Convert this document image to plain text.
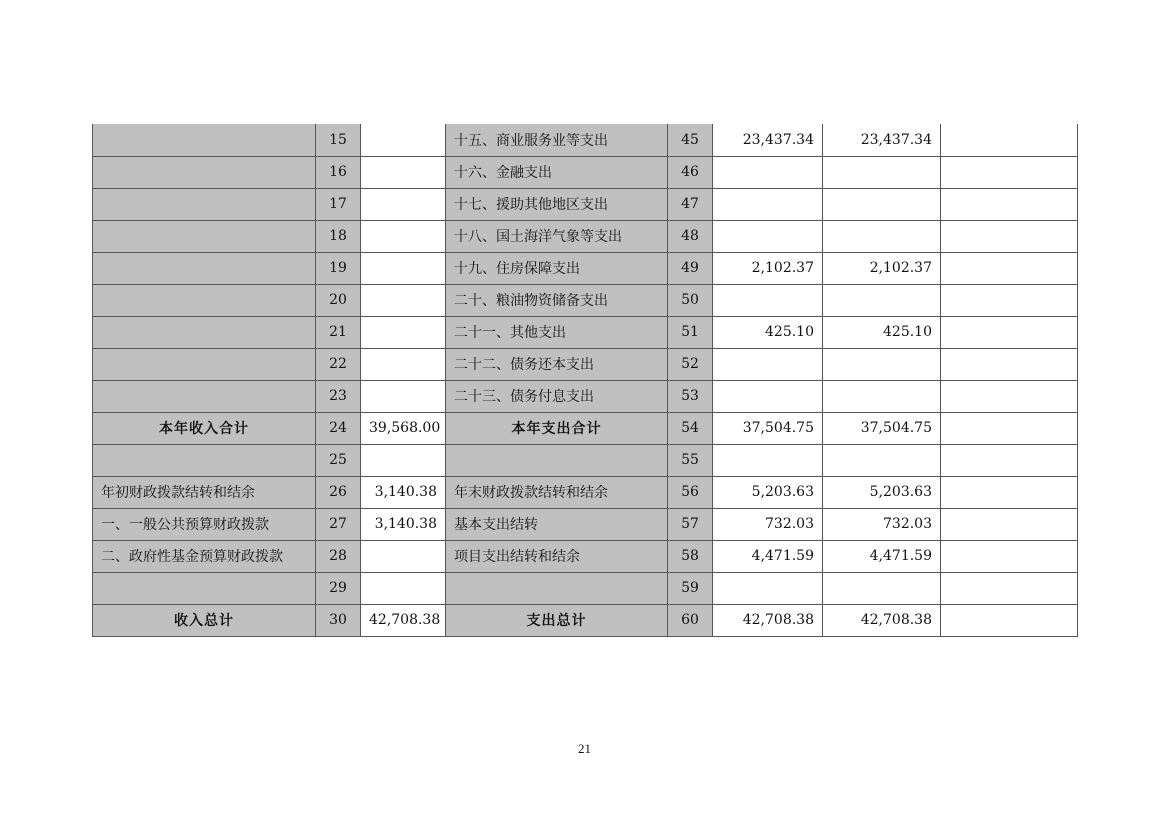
	15		十五、商业服务业等支出	45	23,437.34	23,437.34	
	16		十六、金融支出	46			
	17		十七、援助其他地区支出	47			
	18		十八、国土海洋气象等支出	48			
	19		十九、住房保障支出	49	2,102.37	2,102.37	
	20		二十、粮油物资储备支出	50			
	21		二十一、其他支出	51	425.10	425.10	
	22		二十二、债务还本支出	52			
	23		二十三、债务付息支出	53			
本年收入合计	24	39,568.00	本年支出合计	54	37,504.75	37,504.75	
	25			55			
年初财政拨款结转和结余	26	3,140.38	年末财政拨款结转和结余	56	5,203.63	5,203.63	
一、一般公共预算财政拨款	27	3,140.38	基本支出结转	57	732.03	732.03	
二、政府性基金预算财政拨款	28		项目支出结转和结余	58	4,471.59	4,471.59	
	29			59			
收入总计	30	42,708.38	支出总计	60	42,708.38	42,708.38	
21
